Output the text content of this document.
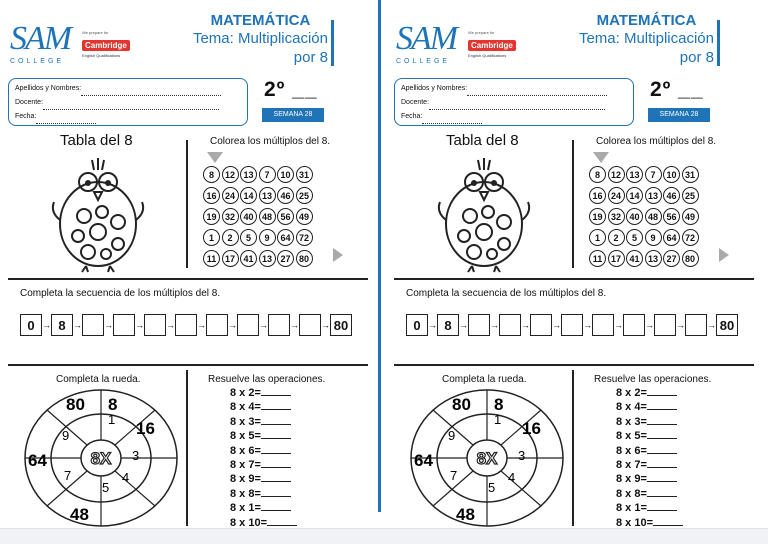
SAM
COLLEGE
We prepare for
Cambridge
English Qualifications
MATEMÁTICA
Tema: Multiplicación
por 8
Apellidos y Nombres:
Docente:
Fecha:
2º __
SEMANA 28
Tabla del 8	Colorea los múltiplos del 8.
8	12 13	7	10 31
16 24 14 13 46 25
19 32 40 48 56 49
1	2	5	9	64 72
11 17 41 13 27 80
Completa la secuencia de los múltiplos del 8.
0 → 8 → → → → → → → → → 80
Completa la rueda.
8X
1
3
4
5
7
9
80 8
16
64
48
Resuelve las operaciones.
8 x 2=
8 x 4=
8 x 3=
8 x 5=
8 x 6=
8 x 7=
8 x 9=
8 x 8=
8 x 1=
8 x 10=
SAM
COLLEGE
We prepare for
Cambridge
English Qualifications
MATEMÁTICA
Tema: Multiplicación
por 8
Apellidos y Nombres:
Docente:
Fecha:
2º __
SEMANA 28
Tabla del 8	Colorea los múltiplos del 8.
8	12 13	7	10 31
16 24 14 13 46 25
19 32 40 48 56 49
1	2	5	9	64 72
11 17 41 13 27 80
Completa la secuencia de los múltiplos del 8.
0 → 8 → → → → → → → → → 80
Completa la rueda.
8X
1
3
4
5
7
9
80 8
16
64
48
Resuelve las operaciones.
8 x 2=
8 x 4=
8 x 3=
8 x 5=
8 x 6=
8 x 7=
8 x 9=
8 x 8=
8 x 1=
8 x 10=
